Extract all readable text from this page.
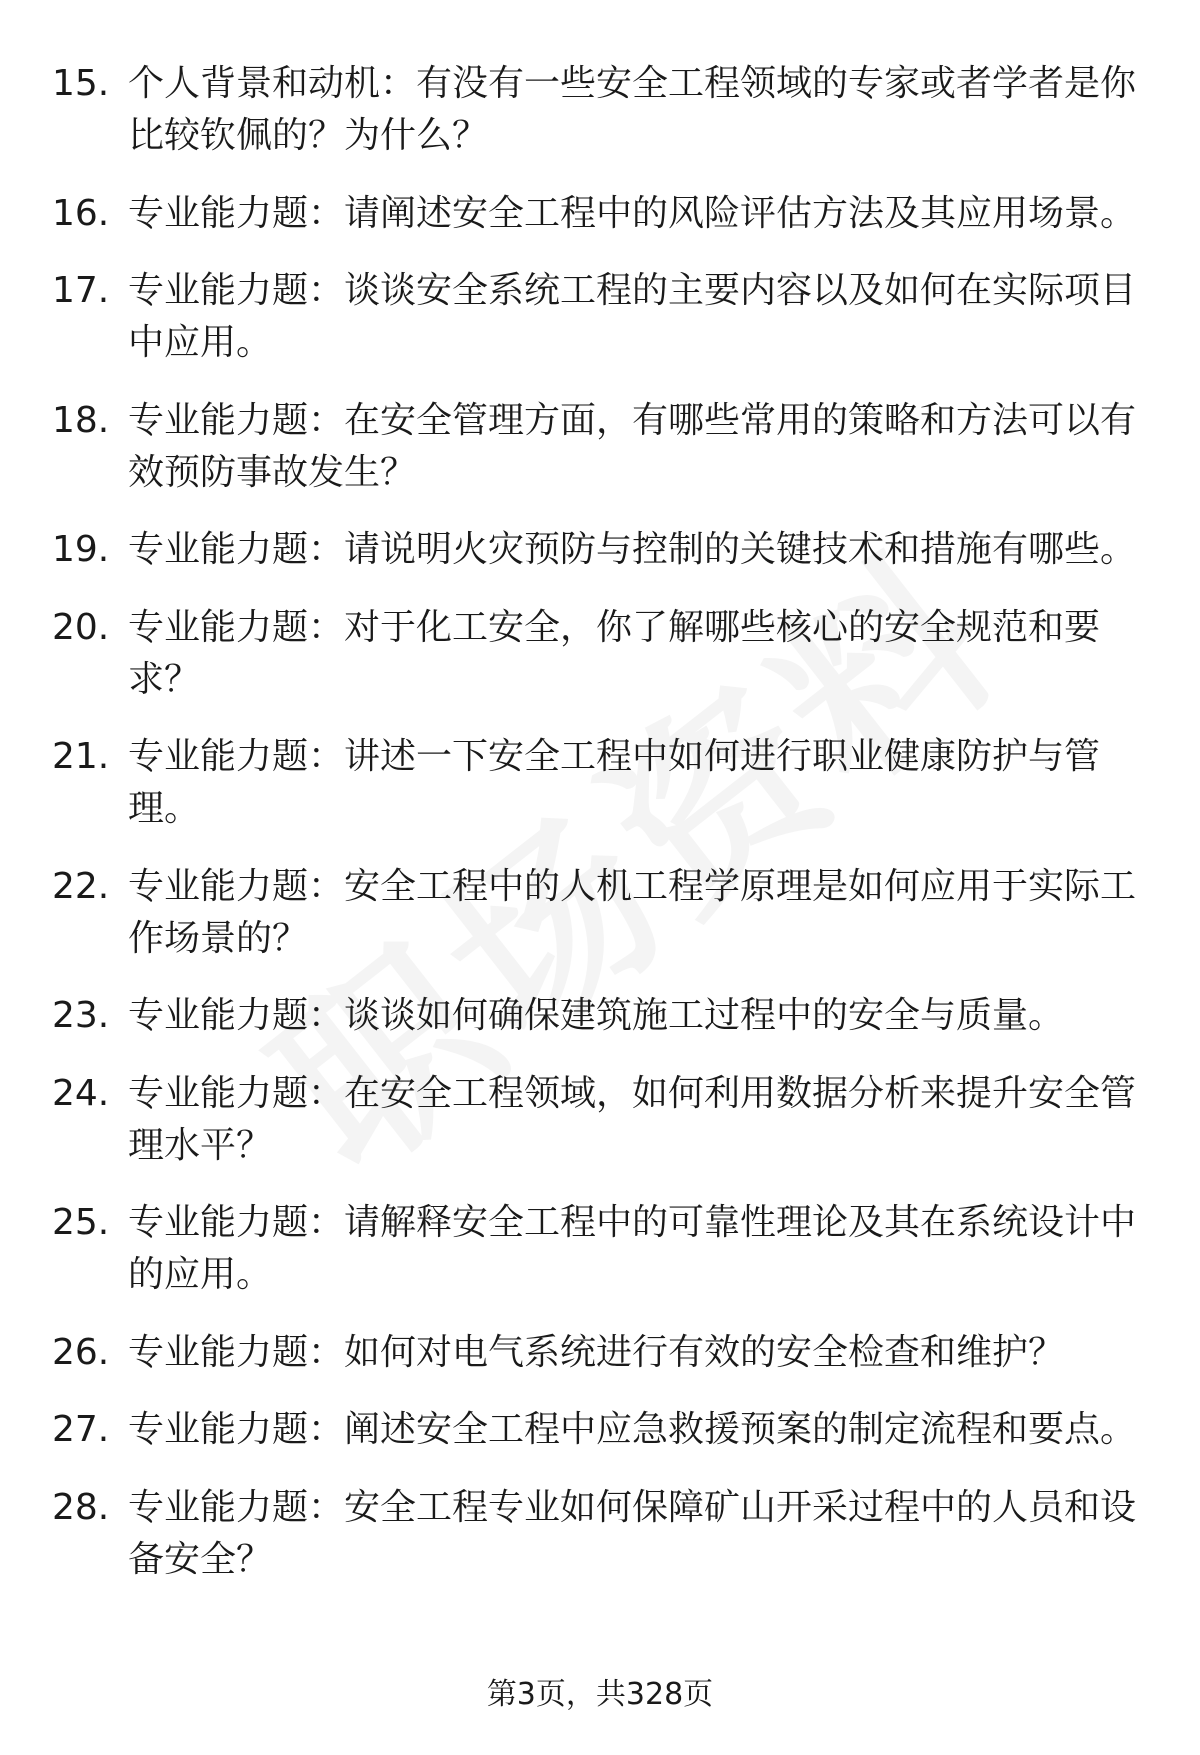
15. 个人背景和动机：有没有一些安全工程领域的专家或者学者是你比较钦佩的？为什么？
16. 专业能力题：请阐述安全工程中的风险评估方法及其应用场景。
17. 专业能力题：谈谈安全系统工程的主要内容以及如何在实际项目中应用。
18. 专业能力题：在安全管理方面，有哪些常用的策略和方法可以有效预防事故发生？
19. 专业能力题：请说明火灾预防与控制的关键技术和措施有哪些。
20. 专业能力题：对于化工安全，你了解哪些核心的安全规范和要求？
21. 专业能力题：讲述一下安全工程中如何进行职业健康防护与管理。
22. 专业能力题：安全工程中的人机工程学原理是如何应用于实际工作场景的？
23. 专业能力题：谈谈如何确保建筑施工过程中的安全与质量。
24. 专业能力题：在安全工程领域，如何利用数据分析来提升安全管理水平？
25. 专业能力题：请解释安全工程中的可靠性理论及其在系统设计中的应用。
26. 专业能力题：如何对电气系统进行有效的安全检查和维护？
27. 专业能力题：阐述安全工程中应急救援预案的制定流程和要点。
28. 专业能力题：安全工程专业如何保障矿山开采过程中的人员和设备安全？
第3页，共328页
